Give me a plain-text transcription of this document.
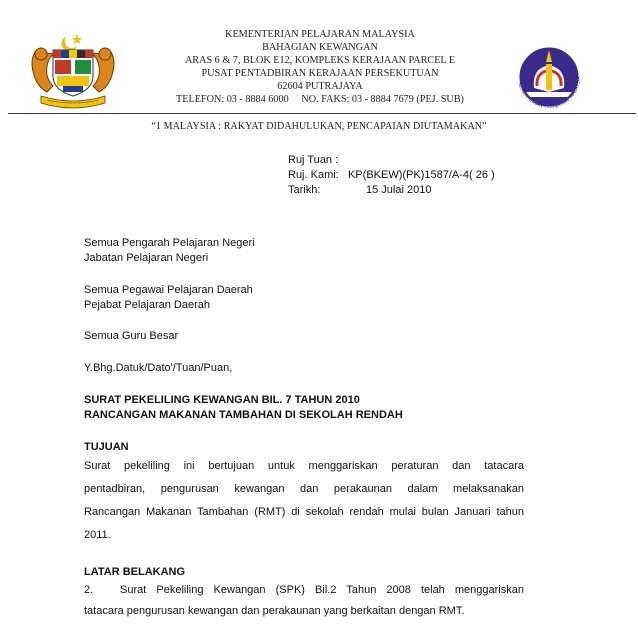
KEMENTERIAN PELAJARAN MALAYSIA
BAHAGIAN KEWANGAN
ARAS 6 & 7, BLOK E12, KOMPLEKS KERAJAAN PARCEL E
PUSAT PENTADBIRAN KERAJAAN PERSEKUTUAN
62604 PUTRAJAYA
TELEFON: 03 - 8884 6000     NO. FAKS: 03 - 8884 7679 (PEJ. SUB)
KEMENTERIAN PELAJARAN MALAYSIA
“1 MALAYSIA : RAKYAT DIDAHULUKAN, PENCAPAIAN DIUTAMAKAN”
Ruj Tuan :
Ruj. Kami: KP(BKEW)(PK)1587/A-4( 26 )
Tarikh:	15 Julai 2010
Semua Pengarah Pelajaran Negeri
Jabatan Pelajaran Negeri
Semua Pegawai Pelajaran Daerah
Pejabat Pelajaran Daerah
Semua Guru Besar
Y.Bhg.Datuk/Dato'/Tuan/Puan,
SURAT PEKELILING KEWANGAN BIL. 7 TAHUN 2010
RANCANGAN MAKANAN TAMBAHAN DI SEKOLAH RENDAH
TUJUAN
Surat pekeliling ini bertujuan untuk menggariskan peraturan dan tatacara
pentadbiran, pengurusan kewangan dan perakaunan dalam melaksanakan
Rancangan Makanan Tambahan (RMT) di sekolah rendah mulai bulan Januari tahun
2011.
LATAR BELAKANG
2. Surat Pekeliling Kewangan (SPK) Bil.2 Tahun 2008 telah menggariskan
tatacara pengurusan kewangan dan perakaunan yang berkaitan dengan RMT.
